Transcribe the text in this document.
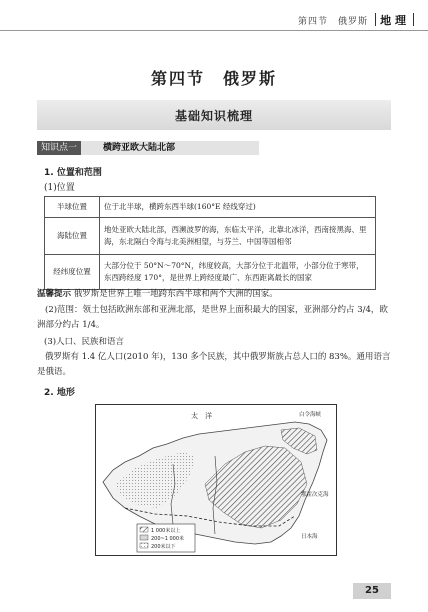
第四节　俄罗斯 地 理
第四节　俄罗斯
基础知识梳理
知识点一	横跨亚欧大陆北部
1. 位置和范围
(1)位置
半球位置	位于北半球，横跨东西半球(160°E 经线穿过)
海陆位置	地处亚欧大陆北部，西濒波罗的海，东临太平洋，北靠北冰洋，西南接黑海、里海，东北隔白令海与北美洲相望，与芬兰、中国等国相邻
经纬度位置	大部分位于 50°N～70°N，纬度较高，大部分位于北温带，小部分位于寒带，东西跨经度 170°，是世界上跨经度最广、东西距离最长的国家
温馨提示 俄罗斯是世界上唯一地跨东西半球和两个大洲的国家。
(2)范围：领土包括欧洲东部和亚洲北部，是世界上面积最大的国家，亚洲部分约占 3/4，欧洲部分约占 1/4。
(3)人口、民族和语言
俄罗斯有 1.4 亿人口(2010 年)，130 多个民族，其中俄罗斯族占总人口的 83%。通用语言是俄语。
2. 地形
太　洋
鄂霍次克海
日本海
白令海峡
1 000米以上
200~1 000米
200米以下
25
